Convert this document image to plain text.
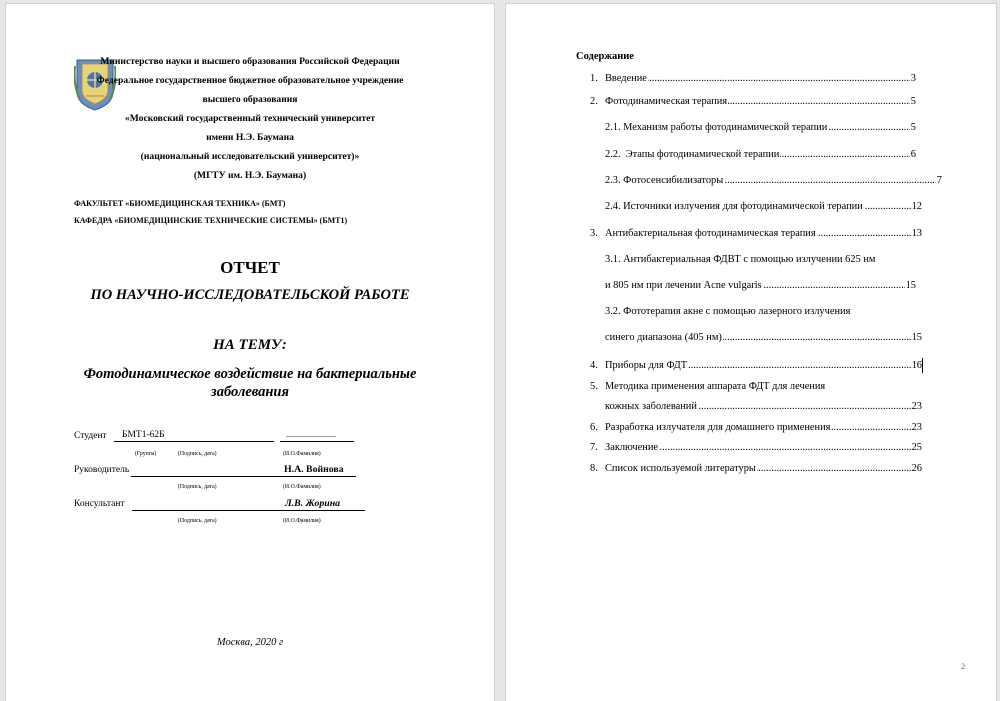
Министерство науки и высшего образования Российской Федерации
Федеральное государственное бюджетное образовательное учреждение
высшего образования
«Московский государственный технический университет
имени Н.Э. Баумана
(национальный исследовательский университет)»
(МГТУ им. Н.Э. Баумана)
ФАКУЛЬТЕТ «БИОМЕДИЦИНСКАЯ ТЕХНИКА» (БМТ)
КАФЕДРА «БИОМЕДИЦИНСКИЕ ТЕХНИЧЕСКИЕ СИСТЕМЫ» (БМТ1)
ОТЧЕТ
ПО НАУЧНО-ИССЛЕДОВАТЕЛЬСКОЙ РАБОТЕ
НА ТЕМУ:
Фотодинамическое воздействие на бактериальные
заболевания
Студент БМТ1-62Б	.........................
(Группа)	(Подпись, дата)	(И.О.Фамилия)
Руководитель	Н.А. Войнова
(Подпись, дата)	(И.О.Фамилия)
Консультант	Л.В. Жорина
(Подпись, дата)	(И.О.Фамилия)
Москва, 2020 г
Содержание
1. Введение .....	3
2. Фотодинамическая терапия .....	5
2.1. Механизм работы фотодинамической терапии .....	5
2.2.  Этапы фотодинамической терапии .....	6
2.3. Фотосенсибилизаторы .....	7
2.4. Источники излучения для фотодинамической терапии .....	12
3. Антибактериальная фотодинамическая терапия .....	13
3.1. Антибактериальная ФДВТ с помощью излучении 625 нм
и 805 нм при лечении Acne vulgaris .....	15
3.2. Фототерапия акне с помощью лазерного излучения
синего диапазона (405 нм) .....	15
4. Приборы для ФДТ .....	16
5. Методика применения аппарата ФДТ для лечения
кожных заболеваний .....	23
6. Разработка излучателя для домашнего применения .....	23
7. Заключение .....	25
8. Список используемой литературы .....	26
2
